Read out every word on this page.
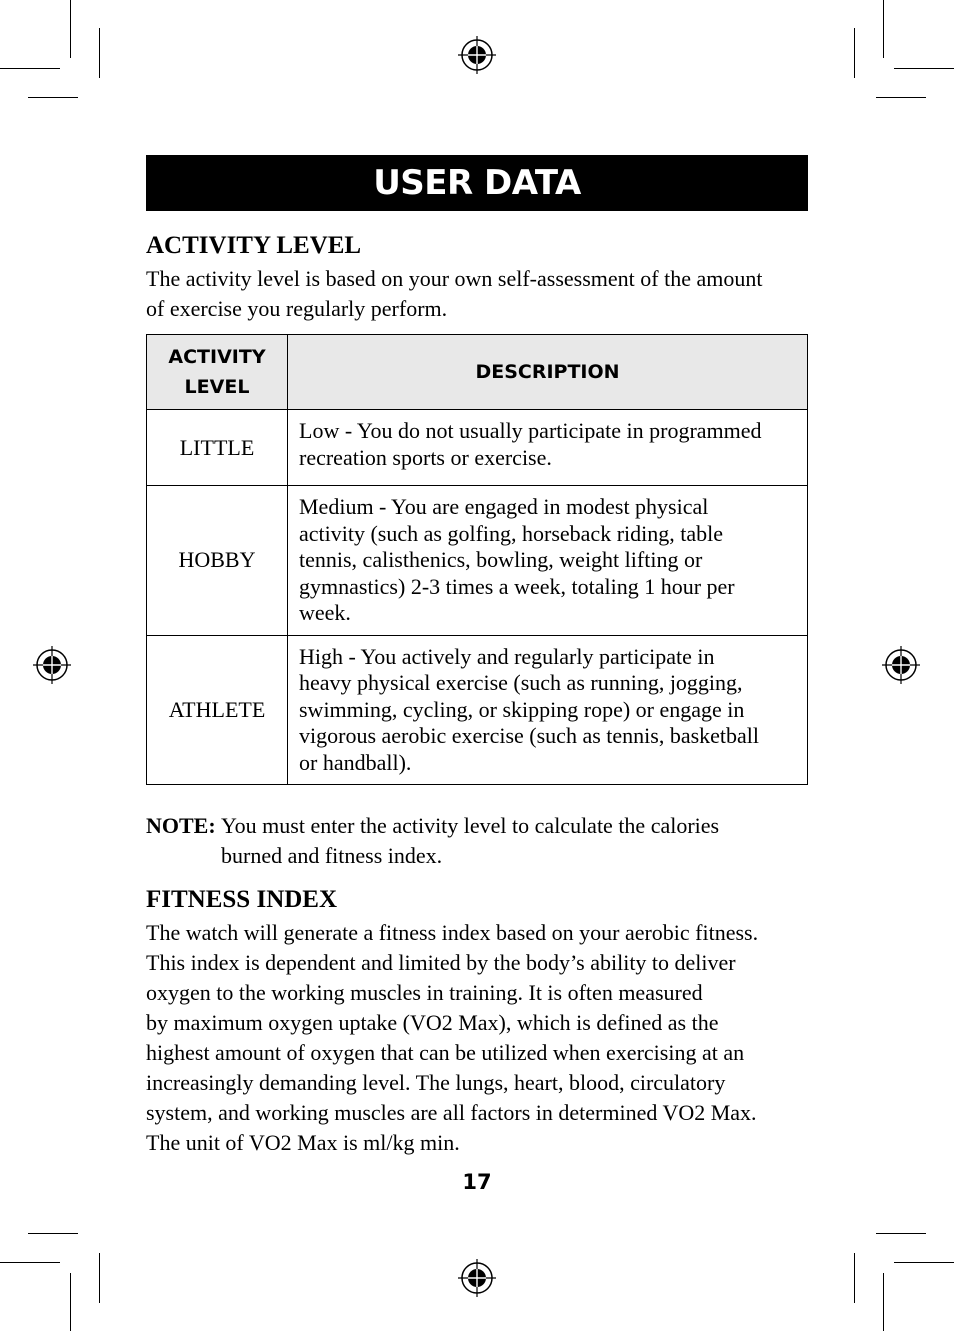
USER DATA
ACTIVITY LEVEL
The activity level is based on your own self-assessment of the amount
of exercise you regularly perform.
ACTIVITY
LEVEL	DESCRIPTION
LITTLE	Low - You do not usually participate in programmed
recreation sports or exercise.

HOBBY	Medium - You are engaged in modest physical
activity (such as golfing, horseback riding, table
tennis, calisthenics, bowling, weight lifting or
gymnastics) 2-3 times a week, totaling 1 hour per
week.

ATHLETE	High - You actively and regularly participate in
heavy physical exercise (such as running, jogging,
swimming, cycling, or skipping rope) or engage in
vigorous aerobic exercise (such as tennis, basketball
or handball).
NOTE: You must enter the activity level to calculate the calories
burned and fitness index.
FITNESS INDEX
The watch will generate a fitness index based on your aerobic fitness.
This index is dependent and limited by the body’s ability to deliver
oxygen to the working muscles in training. It is often measured
by maximum oxygen uptake (VO2 Max), which is defined as the
highest amount of oxygen that can be utilized when exercising at an
increasingly demanding level. The lungs, heart, blood, circulatory
system, and working muscles are all factors in determined VO2 Max.
The unit of VO2 Max is ml/kg min.
17
